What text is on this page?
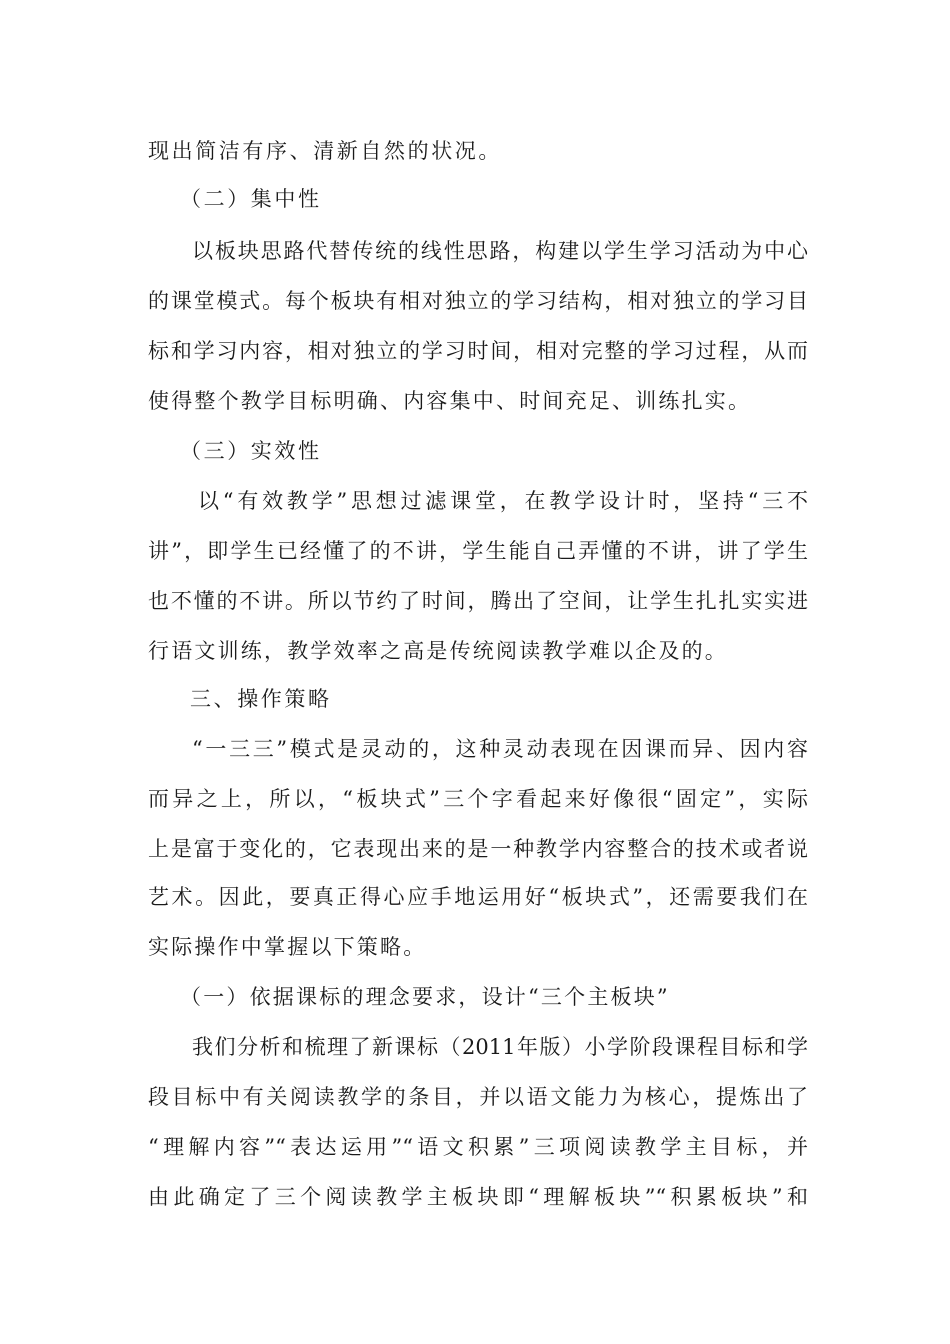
现出简洁有序、清新自然的状况。
（二）集中性
以板块思路代替传统的线性思路，构建以学生学习活动为中心
的课堂模式。每个板块有相对独立的学习结构，相对独立的学习目
标和学习内容，相对独立的学习时间，相对完整的学习过程，从而
使得整个教学目标明确、内容集中、时间充足、训练扎实。
（三）实效性
以“有效教学”思想过滤课堂，在教学设计时，坚持“三不
讲”，即学生已经懂了的不讲，学生能自己弄懂的不讲，讲了学生
也不懂的不讲。所以节约了时间，腾出了空间，让学生扎扎实实进
行语文训练，教学效率之高是传统阅读教学难以企及的。
三、操作策略
“一三三”模式是灵动的，这种灵动表现在因课而异、因内容
而异之上，所以，“板块式”三个字看起来好像很“固定”，实际
上是富于变化的，它表现出来的是一种教学内容整合的技术或者说
艺术。因此，要真正得心应手地运用好“板块式”，还需要我们在
实际操作中掌握以下策略。
（一）依据课标的理念要求，设计“三个主板块”
我们分析和梳理了新课标（2011年版）小学阶段课程目标和学
段目标中有关阅读教学的条目，并以语文能力为核心，提炼出了
“理解内容”“表达运用”“语文积累”三项阅读教学主目标，并
由此确定了三个阅读教学主板块即“理解板块”“积累板块”和
